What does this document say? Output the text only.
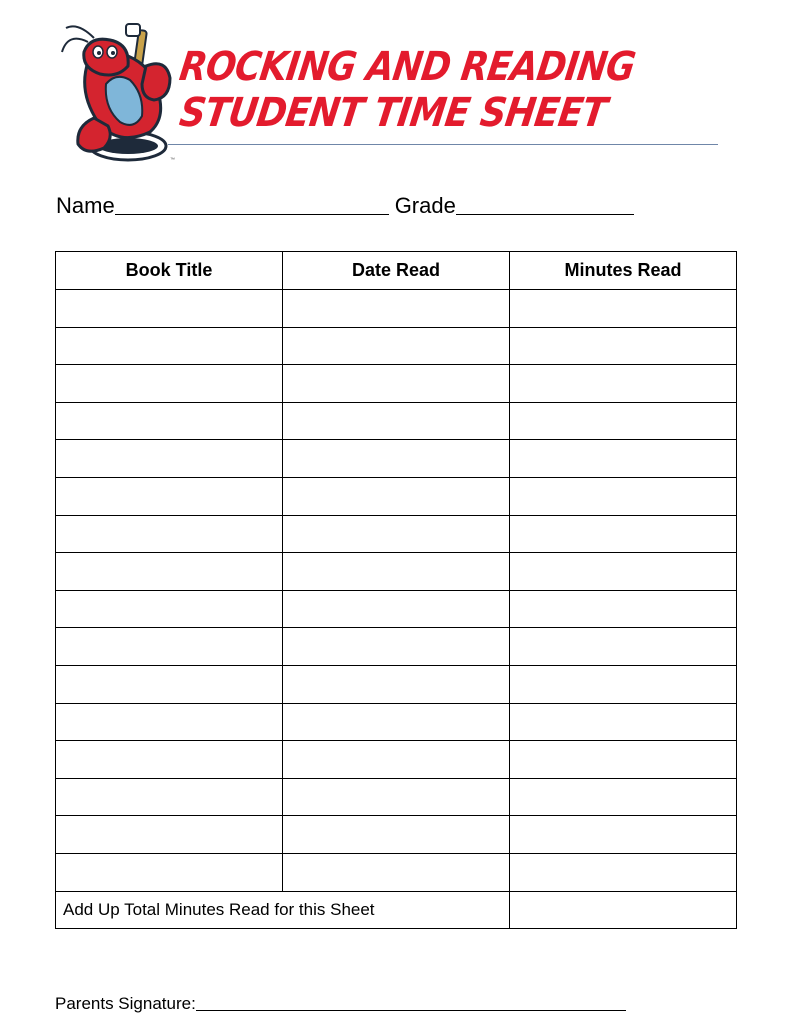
ROCKING AND READING
STUDENT TIME SHEET
™
Name	Grade
Book Title	Date Read	Minutes Read

Add Up Total Minutes Read for this Sheet		
Parents Signature:
